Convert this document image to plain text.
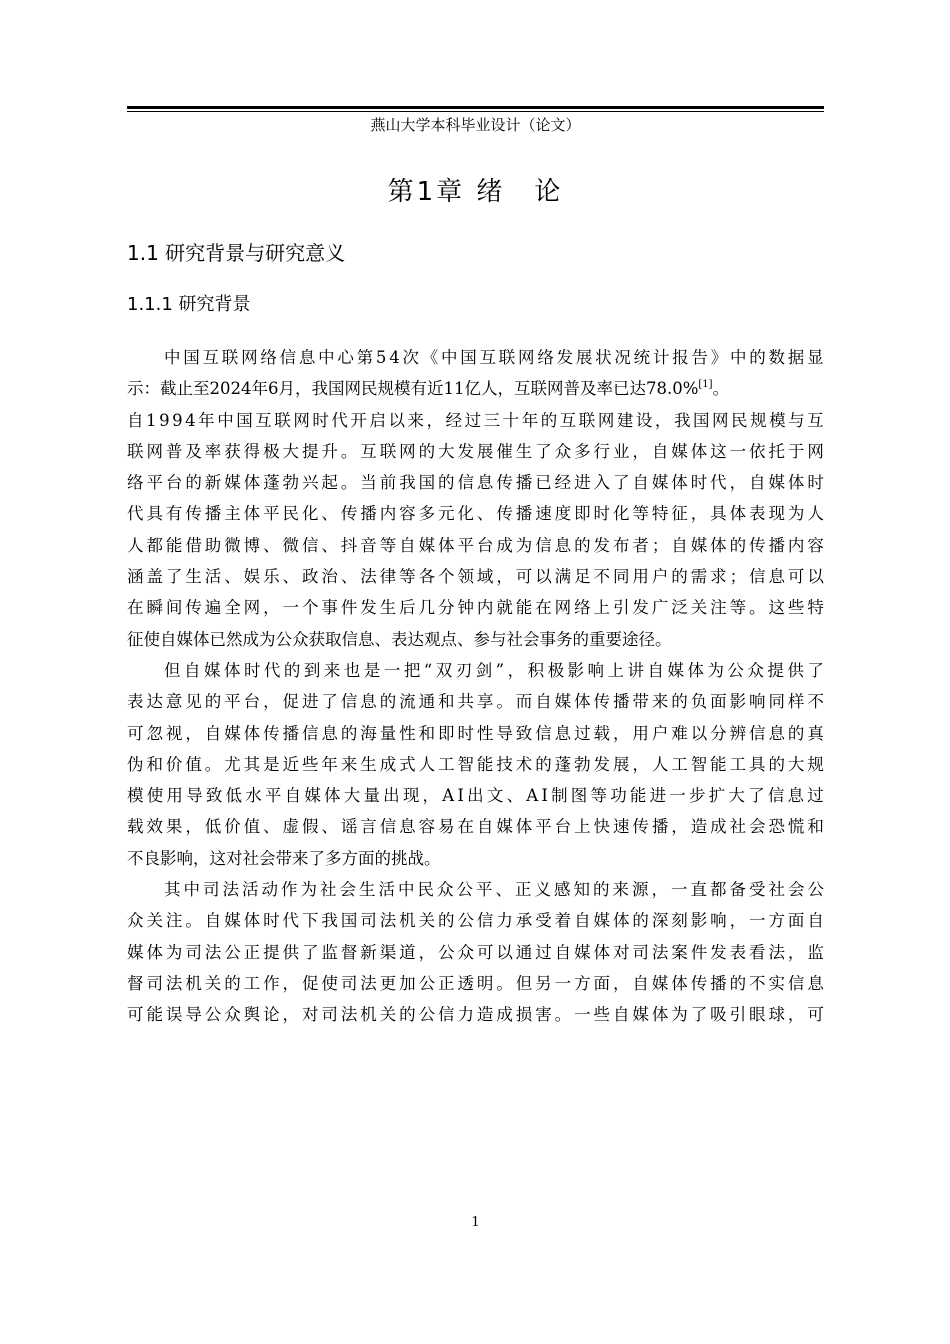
燕山大学本科毕业设计（论文）
第1章 绪　论
1.1 研究背景与研究意义
1.1.1 研究背景
中 国 互 联 网 络 信 息 中 心 第 5 4 次 《 中 国 互 联 网 络 发 展 状 况 统 计 报 告 》 中 的 数 据 显
示：截止至2024年6月，我国网民规模有近11亿人，互联网普及率已达78.0%[1]。
自 1 9 9 4 年 中 国 互 联 网 时 代 开 启 以 来 ， 经 过 三 十 年 的 互 联 网 建 设 ， 我 国 网 民 规 模 与 互
联 网 普 及 率 获 得 极 大 提 升 。 互 联 网 的 大 发 展 催 生 了 众 多 行 业 ， 自 媒 体 这 一 依 托 于 网
络 平 台 的 新 媒 体 蓬 勃 兴 起 。 当 前 我 国 的 信 息 传 播 已 经 进 入 了 自 媒 体 时 代 ， 自 媒 体 时
代 具 有 传 播 主 体 平 民 化 、 传 播 内 容 多 元 化 、 传 播 速 度 即 时 化 等 特 征 ， 具 体 表 现 为 人
人 都 能 借 助 微 博 、 微 信 、 抖 音 等 自 媒 体 平 台 成 为 信 息 的 发 布 者 ； 自 媒 体 的 传 播 内 容
涵 盖 了 生 活 、 娱 乐 、 政 治 、 法 律 等 各 个 领 域 ， 可 以 满 足 不 同 用 户 的 需 求 ； 信 息 可 以
在 瞬 间 传 遍 全 网 ， 一 个 事 件 发 生 后 几 分 钟 内 就 能 在 网 络 上 引 发 广 泛 关 注 等 。 这 些 特
征使自媒体已然成为公众获取信息、表达观点、参与社会事务的重要途径。
但 自 媒 体 时 代 的 到 来 也 是 一 把 “ 双 刃 剑 ” ， 积 极 影 响 上 讲 自 媒 体 为 公 众 提 供 了
表 达 意 见 的 平 台 ， 促 进 了 信 息 的 流 通 和 共 享 。 而 自 媒 体 传 播 带 来 的 负 面 影 响 同 样 不
可 忽 视 ， 自 媒 体 传 播 信 息 的 海 量 性 和 即 时 性 导 致 信 息 过 载 ， 用 户 难 以 分 辨 信 息 的 真
伪 和 价 值 。 尤 其 是 近 些 年 来 生 成 式 人 工 智 能 技 术 的 蓬 勃 发 展 ， 人 工 智 能 工 具 的 大 规
模 使 用 导 致 低 水 平 自 媒 体 大 量 出 现 ， A I 出 文 、 A I 制 图 等 功 能 进 一 步 扩 大 了 信 息 过
载 效 果 ， 低 价 值 、 虚 假 、 谣 言 信 息 容 易 在 自 媒 体 平 台 上 快 速 传 播 ， 造 成 社 会 恐 慌 和
不良影响，这对社会带来了多方面的挑战。
其 中 司 法 活 动 作 为 社 会 生 活 中 民 众 公 平 、 正 义 感 知 的 来 源 ， 一 直 都 备 受 社 会 公
众 关 注 。 自 媒 体 时 代 下 我 国 司 法 机 关 的 公 信 力 承 受 着 自 媒 体 的 深 刻 影 响 ， 一 方 面 自
媒 体 为 司 法 公 正 提 供 了 监 督 新 渠 道 ， 公 众 可 以 通 过 自 媒 体 对 司 法 案 件 发 表 看 法 ， 监
督 司 法 机 关 的 工 作 ， 促 使 司 法 更 加 公 正 透 明 。 但 另 一 方 面 ， 自 媒 体 传 播 的 不 实 信 息
可 能 误 导 公 众 舆 论 ， 对 司 法 机 关 的 公 信 力 造 成 损 害 。 一 些 自 媒 体 为 了 吸 引 眼 球 ， 可
1
